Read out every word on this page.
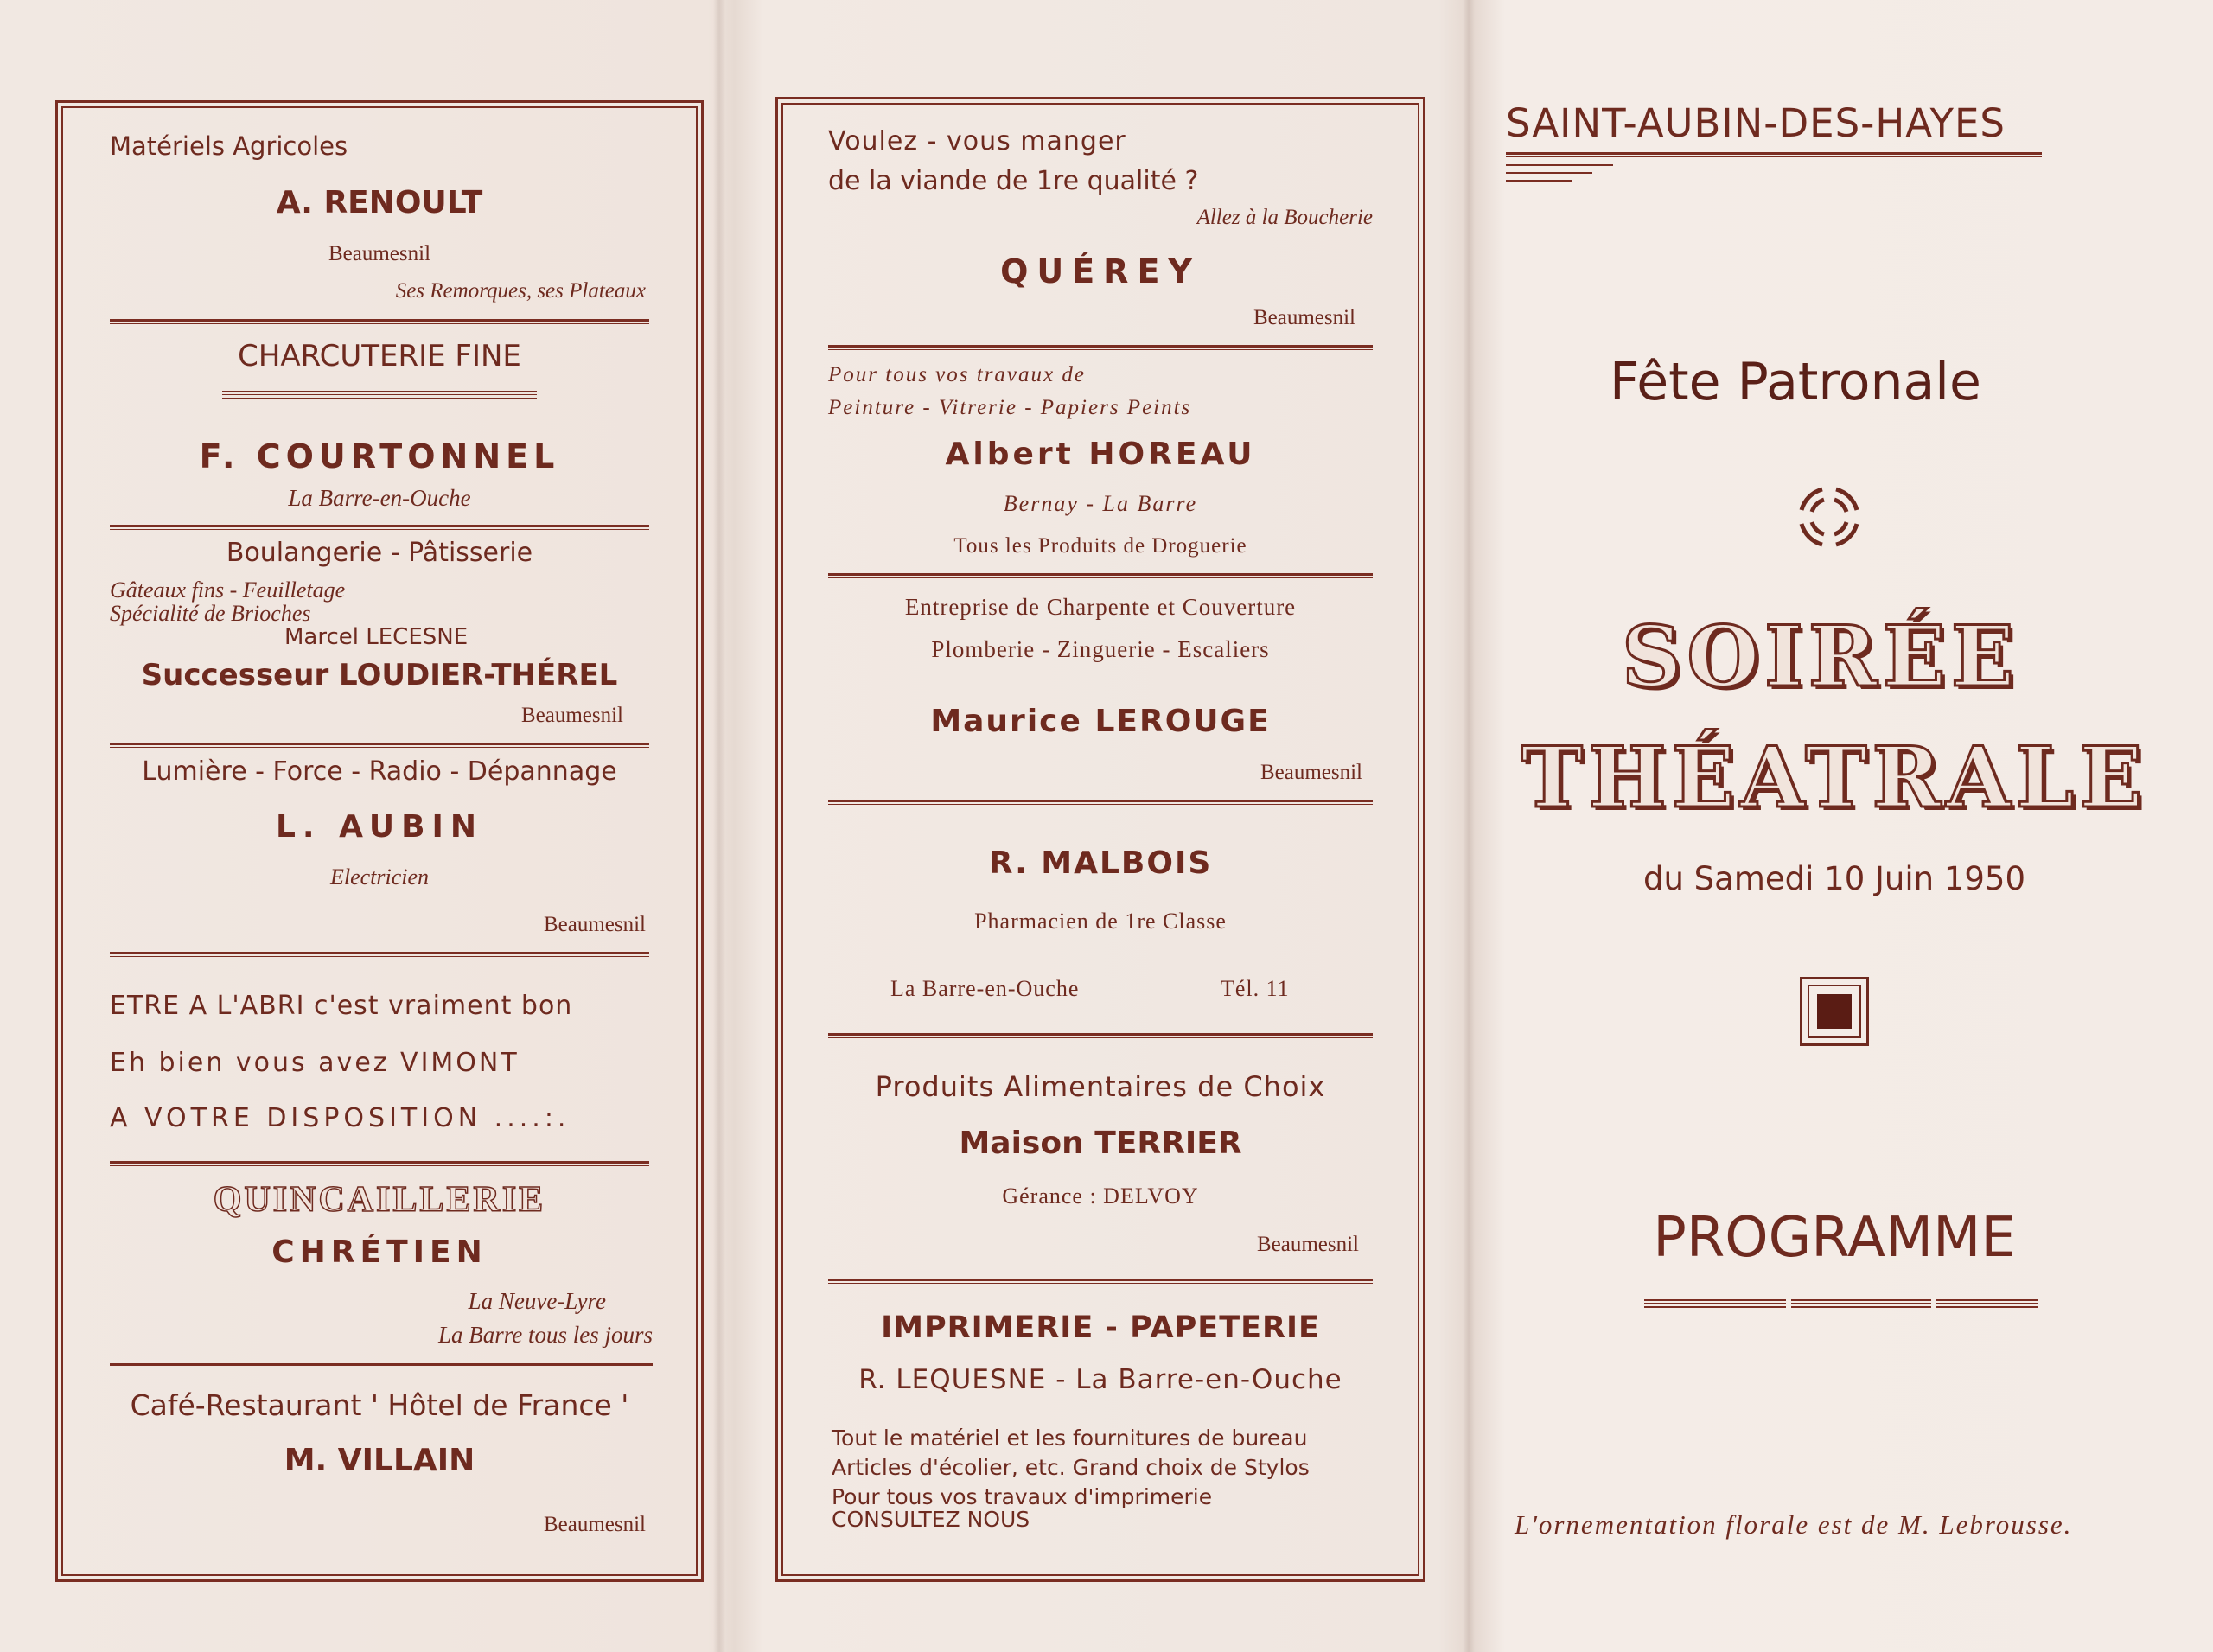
Matériels Agricoles
A. RENOULT
Beaumesnil
Ses Remorques, ses Plateaux
CHARCUTERIE FINE
F. COURTONNEL
La Barre-en-Ouche
Boulangerie - Pâtisserie
Gâteaux fins - Feuilletage
Spécialité de Brioches
Marcel LECESNE
Successeur LOUDIER-THÉREL
Beaumesnil
Lumière - Force - Radio - Dépannage
L. AUBIN
Electricien
Beaumesnil
ETRE A L'ABRI c'est vraiment bon
Eh bien vous avez VIMONT
A VOTRE DISPOSITION ....:.
QUINCAILLERIE
CHRÉTIEN
La Neuve-Lyre
La Barre tous les jours
Café-Restaurant ' Hôtel de France '
M. VILLAIN
Beaumesnil
Voulez - vous manger
de la viande de 1re qualité ?
Allez à la Boucherie
QUÉREY
Beaumesnil
Pour tous vos travaux de
Peinture - Vitrerie - Papiers Peints
Albert HOREAU
Bernay - La Barre
Tous les Produits de Droguerie
Entreprise de Charpente et Couverture
Plomberie - Zinguerie - Escaliers
Maurice LEROUGE
Beaumesnil
R. MALBOIS
Pharmacien de 1re Classe
La Barre-en-Ouche	Tél. 11
Produits Alimentaires de Choix
Maison TERRIER
Gérance : DELVOY
Beaumesnil
IMPRIMERIE - PAPETERIE
R. LEQUESNE - La Barre-en-Ouche
Tout le matériel et les fournitures de bureau
Articles d'écolier, etc. Grand choix de Stylos
Pour tous vos travaux d'imprimerie
CONSULTEZ NOUS
SAINT-AUBIN-DES-HAYES
Fête Patronale
SOIRÉE
THÉATRALE
du Samedi 10 Juin 1950
PROGRAMME
L'ornementation florale est de M. Lebrousse.
